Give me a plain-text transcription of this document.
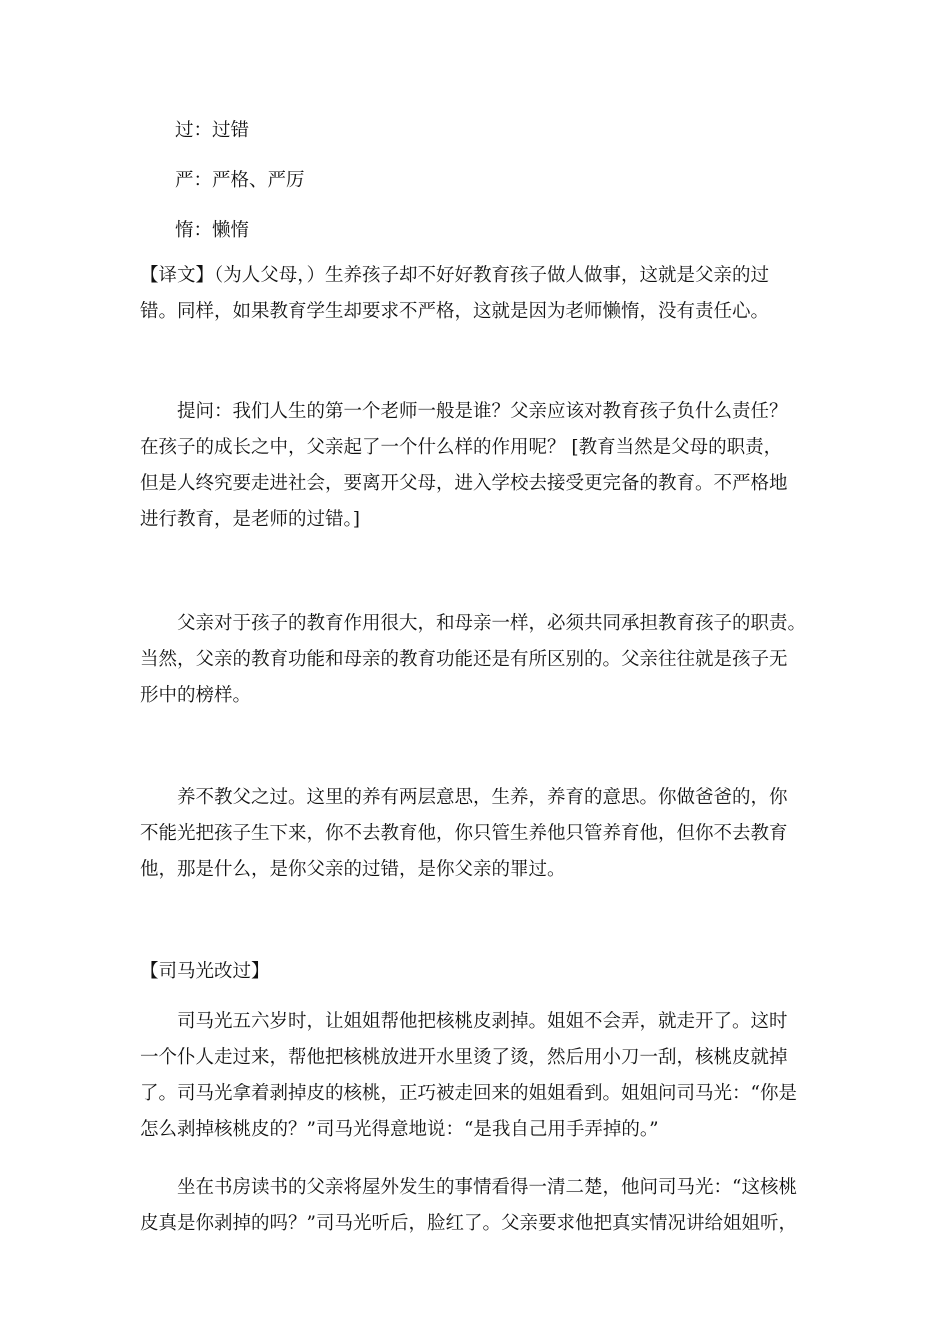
过：过错

严：严格、严厉

惰：懒惰

【译文】（为人父母，）生养孩子却不好好教育孩子做人做事，这就是父亲的过
错。同样，如果教育学生却要求不严格，这就是因为老师懒惰，没有责任心。

　　提问：我们人生的第一个老师一般是谁？父亲应该对教育孩子负什么责任？
在孩子的成长之中，父亲起了一个什么样的作用呢？ [教育当然是父母的职责，
但是人终究要走进社会，要离开父母，进入学校去接受更完备的教育。不严格地
进行教育，是老师的过错。]

　　父亲对于孩子的教育作用很大，和母亲一样，必须共同承担教育孩子的职责。
当然，父亲的教育功能和母亲的教育功能还是有所区别的。父亲往往就是孩子无
形中的榜样。

　　养不教父之过。这里的养有两层意思，生养，养育的意思。你做爸爸的，你
不能光把孩子生下来，你不去教育他，你只管生养他只管养育他，但你不去教育
他，那是什么，是你父亲的过错，是你父亲的罪过。

【司马光改过】

　　司马光五六岁时，让姐姐帮他把核桃皮剥掉。姐姐不会弄，就走开了。这时
一个仆人走过来，帮他把核桃放进开水里烫了烫，然后用小刀一刮，核桃皮就掉
了。司马光拿着剥掉皮的核桃，正巧被走回来的姐姐看到。姐姐问司马光：“你是
怎么剥掉核桃皮的？”司马光得意地说：“是我自己用手弄掉的。”

　　坐在书房读书的父亲将屋外发生的事情看得一清二楚，他问司马光：“这核桃
皮真是你剥掉的吗？”司马光听后，脸红了。父亲要求他把真实情况讲给姐姐听，
